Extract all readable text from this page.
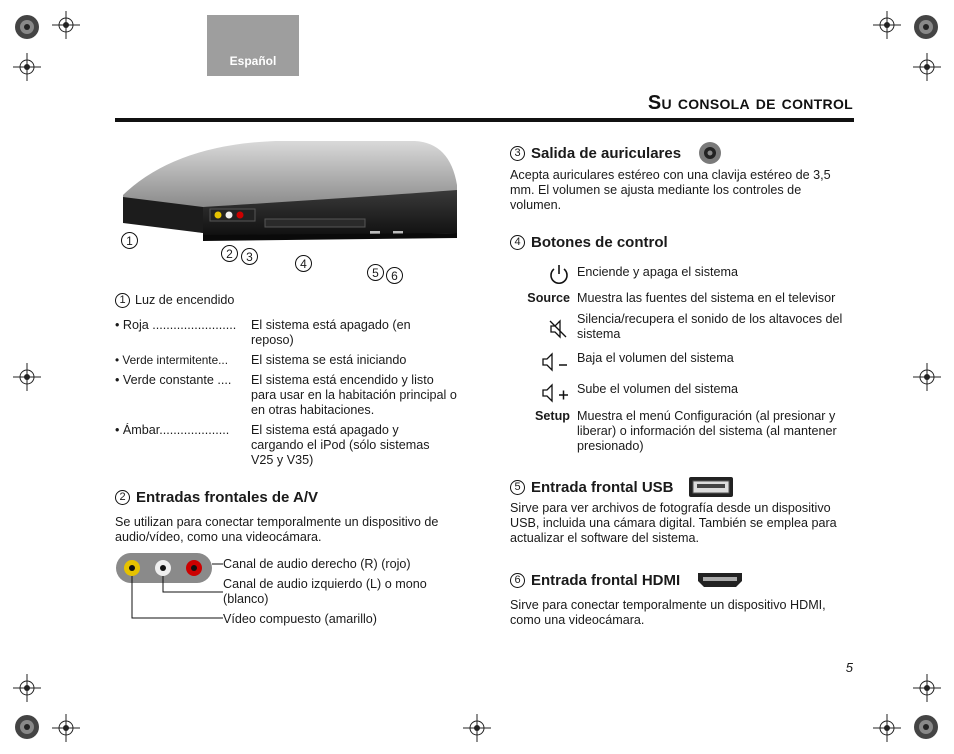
Español
Su consola de control
1
2	3	4
5	6
1 Luz de encendido
• Roja ........................	El sistema está apagado (en reposo)
• Verde intermitente...	El sistema se está iniciando
• Verde constante ....	El sistema está encendido y listo para usar en la habitación principal o en otras habitaciones.
• Ámbar....................	El sistema está apagado y cargando el iPod (sólo sistemas V25 y V35)
2 Entradas frontales de A/V
Se utilizan para conectar temporalmente un dispositivo de audio/vídeo, como una videocámara.
Canal de audio derecho (R) (rojo)
Canal de audio izquierdo (L) o mono (blanco)
Vídeo compuesto (amarillo)
3 Salida de auriculares
Acepta auriculares estéreo con una clavija estéreo de 3,5 mm. El volumen se ajusta mediante los controles de volumen.
4 Botones de control
Enciende y apaga el sistema
Source Muestra las fuentes del sistema en el televisor
Silencia/recupera el sonido de los altavoces del sistema
Baja el volumen del sistema
Sube el volumen del sistema
Setup Muestra el menú Configuración (al presionar y liberar) o información del sistema (al mantener presionado)
5 Entrada frontal USB
Sirve para ver archivos de fotografía desde un dispositivo USB, incluida una cámara digital. También se emplea para actualizar el software del sistema.
6 Entrada frontal HDMI
Sirve para conectar temporalmente un dispositivo HDMI, como una videocámara.
5
